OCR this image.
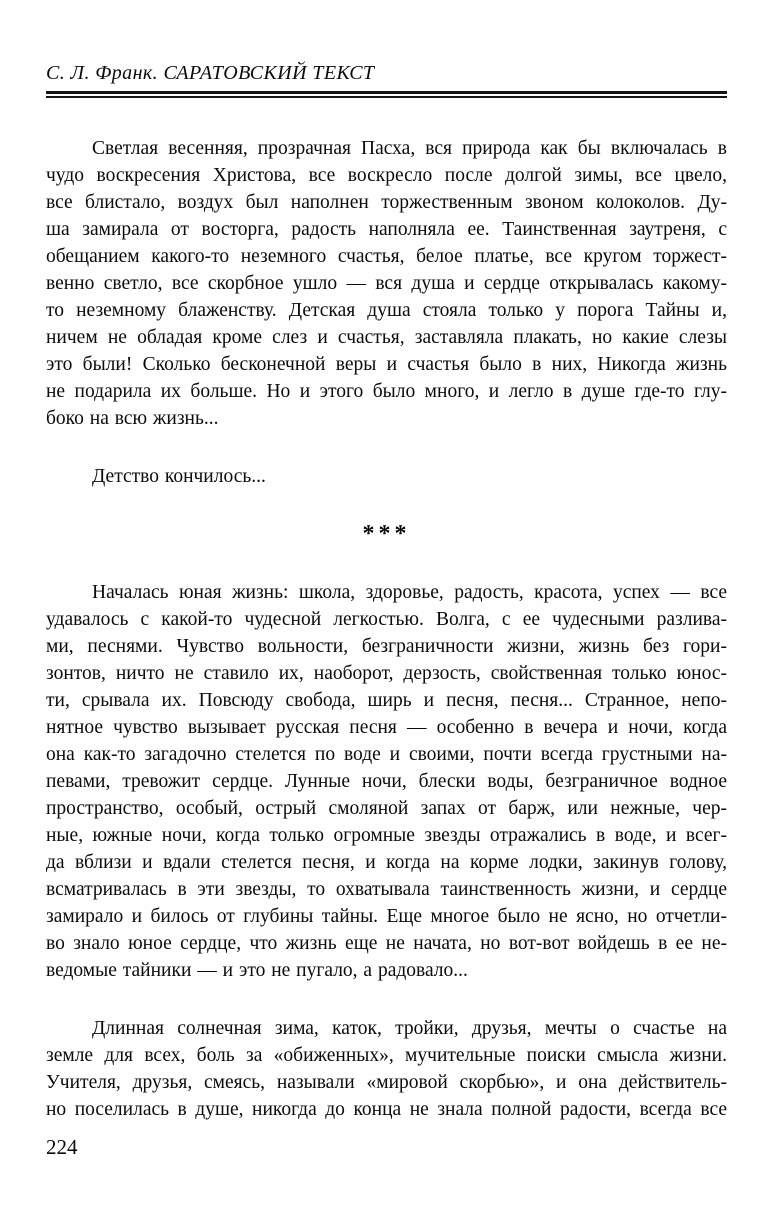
С. Л. Франк. САРАТОВСКИЙ ТЕКСТ
Светлая весенняя, прозрачная Пасха, вся природа как бы включалась в
чудо воскресения Христова, все воскресло после долгой зимы, все цвело,
все блистало, воздух был наполнен торжественным звоном колоколов. Ду-
ша замирала от восторга, радость наполняла ее. Таинственная заутреня, с
обещанием какого-то неземного счастья, белое платье, все кругом торжест-
венно светло, все скорбное ушло — вся душа и сердце открывалась какому-
то неземному блаженству. Детская душа стояла только у порога Тайны и,
ничем не обладая кроме слез и счастья, заставляла плакать, но какие слезы
это были! Сколько бесконечной веры и счастья было в них, Никогда жизнь
не подарила их больше. Но и этого было много, и легло в душе где-то глу-
боко на всю жизнь...
Детство кончилось...
***
Началась юная жизнь: школа, здоровье, радость, красота, успех — все
удавалось с какой-то чудесной легкостью. Волга, с ее чудесными разлива-
ми, песнями. Чувство вольности, безграничности жизни, жизнь без гори-
зонтов, ничто не ставило их, наоборот, дерзость, свойственная только юнос-
ти, срывала их. Повсюду свобода, ширь и песня, песня... Странное, непо-
нятное чувство вызывает русская песня — особенно в вечера и ночи, когда
она как-то загадочно стелется по воде и своими, почти всегда грустными на-
певами, тревожит сердце. Лунные ночи, блески воды, безграничное водное
пространство, особый, острый смоляной запах от барж, или нежные, чер-
ные, южные ночи, когда только огромные звезды отражались в воде, и всег-
да вблизи и вдали стелется песня, и когда на корме лодки, закинув голову,
всматривалась в эти звезды, то охватывала таинственность жизни, и сердце
замирало и билось от глубины тайны. Еще многое было не ясно, но отчетли-
во знало юное сердце, что жизнь еще не начата, но вот-вот войдешь в ее не-
ведомые тайники — и это не пугало, а радовало...
Длинная солнечная зима, каток, тройки, друзья, мечты о счастье на
земле для всех, боль за «обиженных», мучительные поиски смысла жизни.
Учителя, друзья, смеясь, называли «мировой скорбью», и она действитель-
но поселилась в душе, никогда до конца не знала полной радости, всегда все
224
